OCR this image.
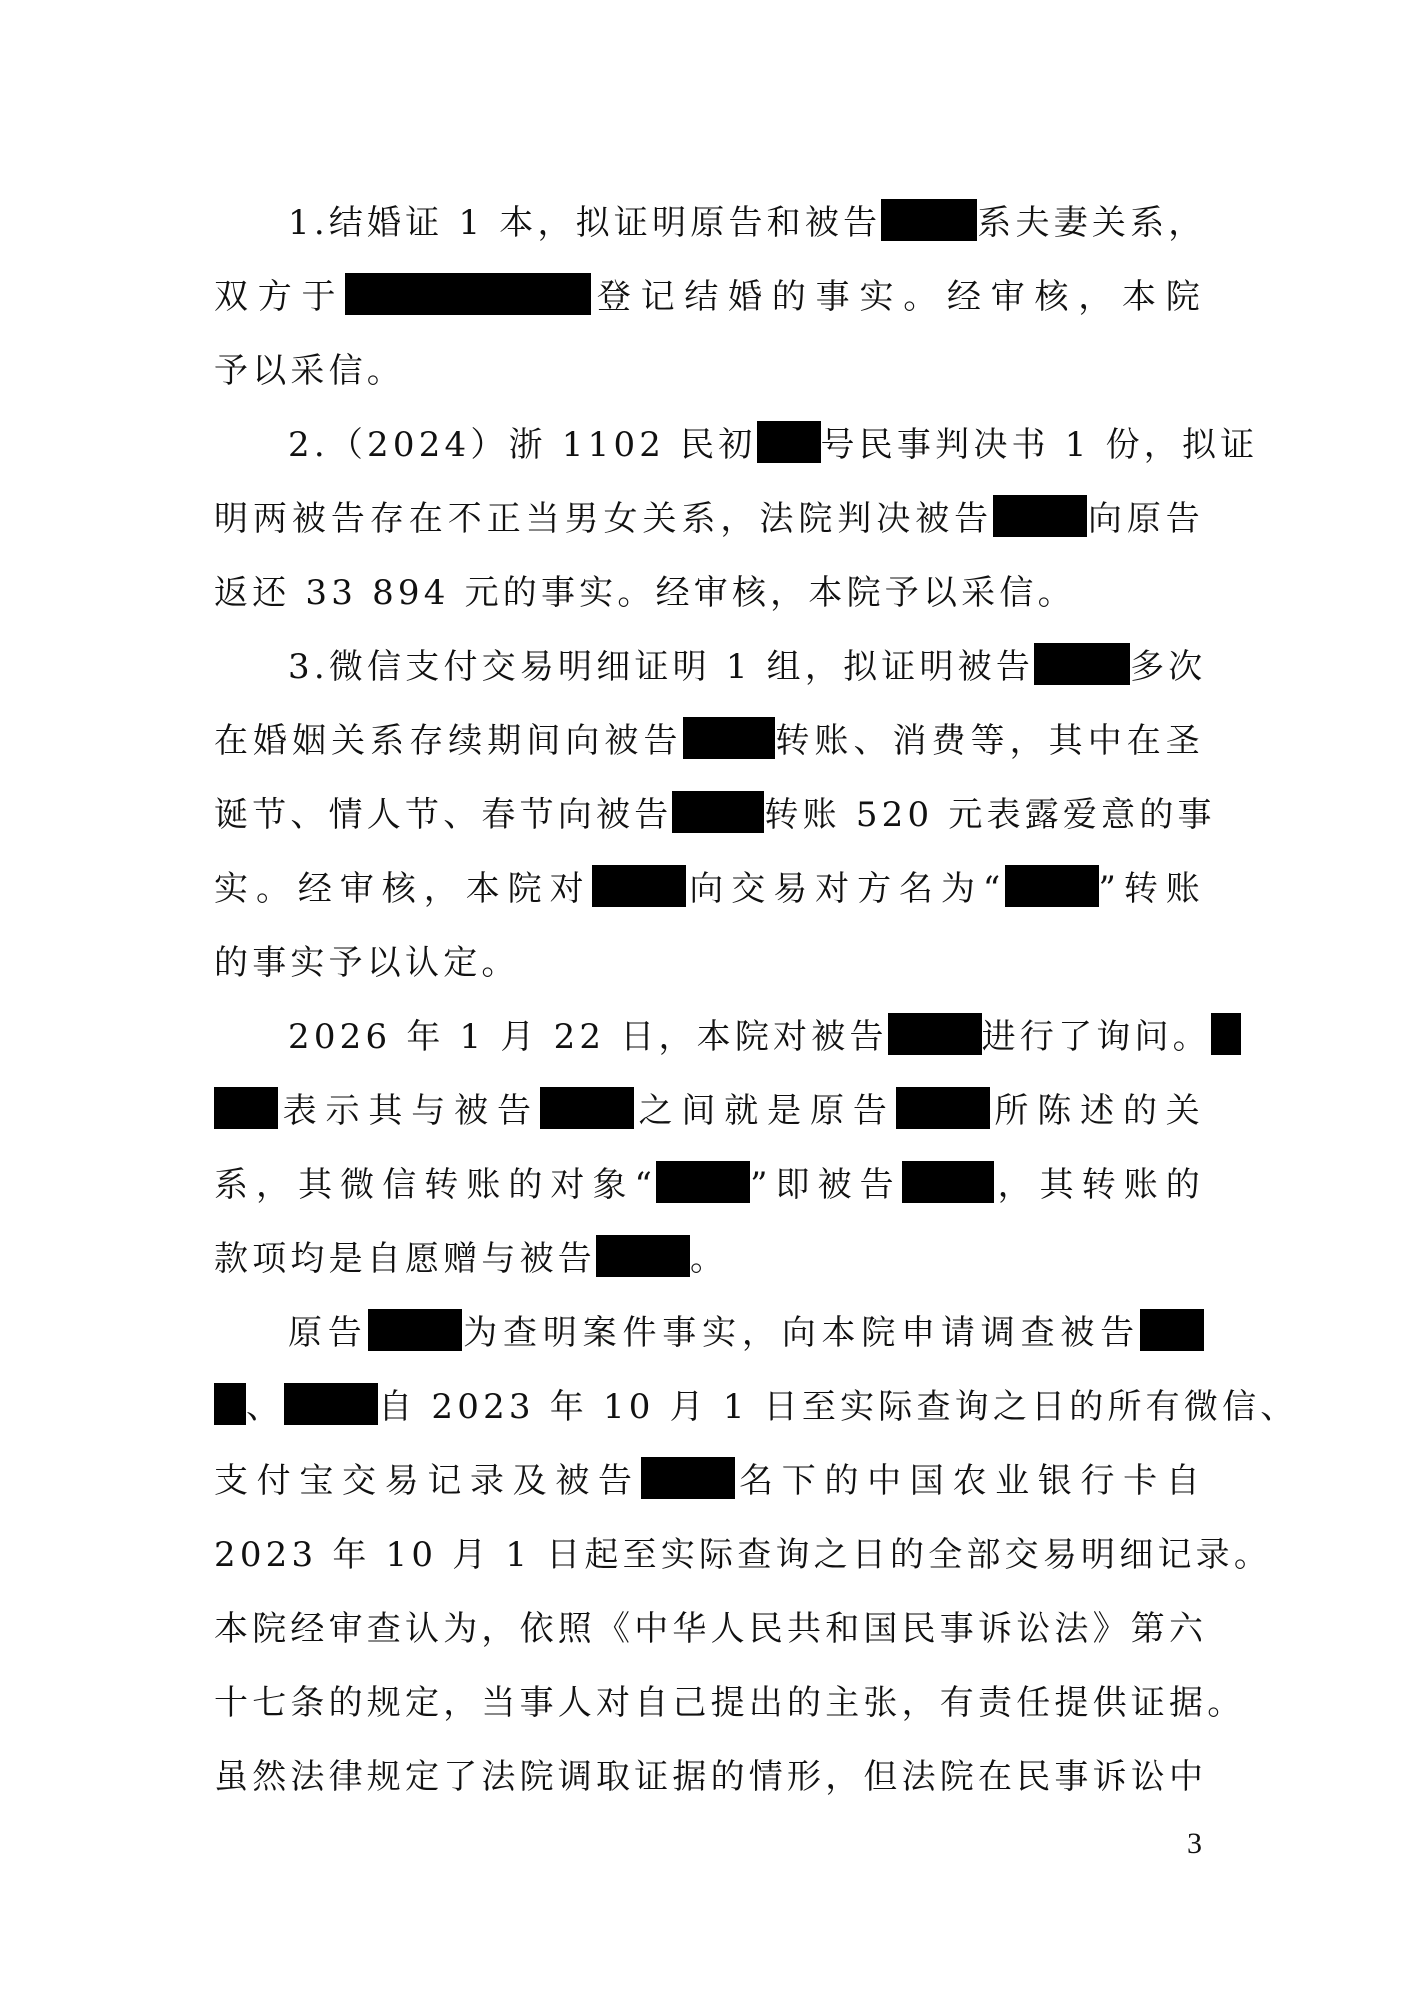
1.结婚证 1 本，拟证明原告和被告	系夫妻关系，
双方于	登记结婚的事实。经审核，本院
予以采信。
2.（2024）浙 1102 民初 号民事判决书 1 份，拟证
明两被告存在不正当男女关系，法院判决被告	向原告
返还 33 894 元的事实。经审核，本院予以采信。
3.微信支付交易明细证明 1 组，拟证明被告	多次
在婚姻关系存续期间向被告	转账、消费等，其中在圣
诞节、情人节、春节向被告	转账 520 元表露爱意的事
实。经审核，本院对	向交易对方名为“	”转账
的事实予以认定。
2026 年 1 月 22 日，本院对被告	进行了询问。
表示其与被告	之间就是原告	所陈述的关
系，其微信转账的对象“	”即被告	，其转账的
款项均是自愿赠与被告	。
原告	为查明案件事实，向本院申请调查被告
、	自 2023 年 10 月 1 日至实际查询之日的所有微信、
支付宝交易记录及被告	名下的中国农业银行卡自
2023 年 10 月 1 日起至实际查询之日的全部交易明细记录。
本院经审查认为，依照《中华人民共和国民事诉讼法》第六
十七条的规定，当事人对自己提出的主张，有责任提供证据。
虽然法律规定了法院调取证据的情形，但法院在民事诉讼中
3
